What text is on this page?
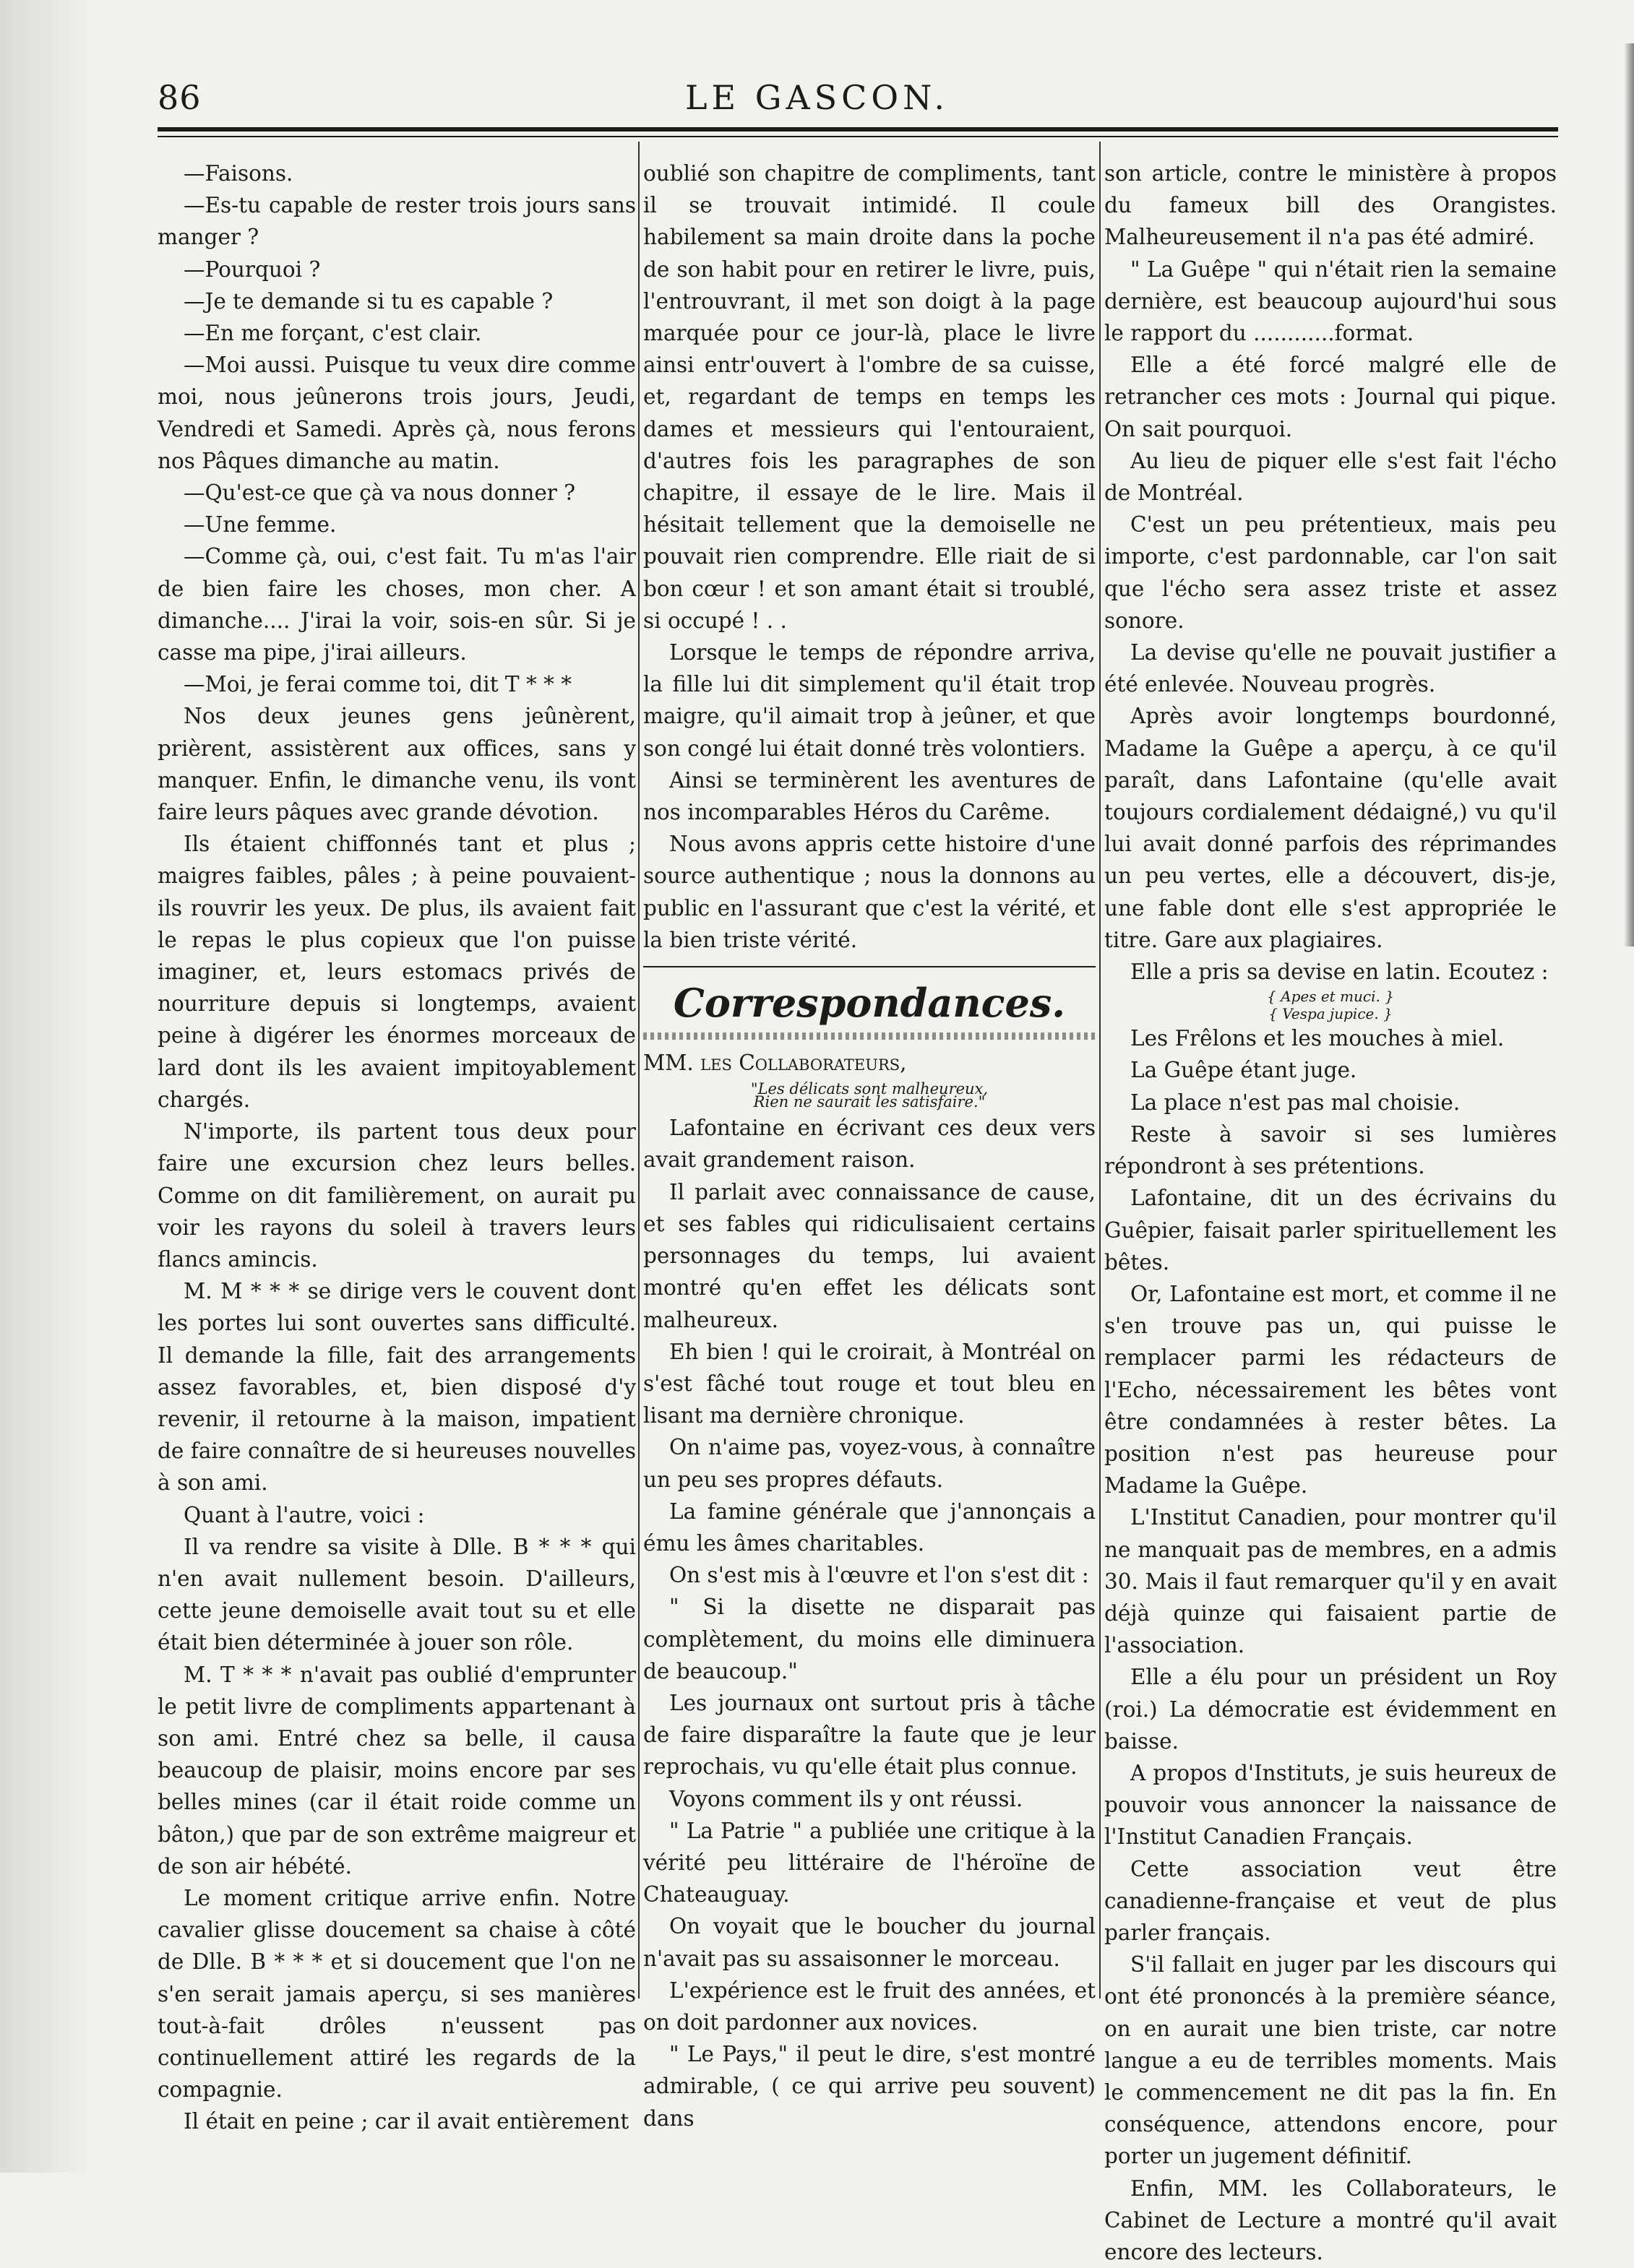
86	LE GASCON.

—Faisons.

—Es-tu capable de rester trois jours sans manger ?

—Pourquoi ?

—Je te demande si tu es capable ?

—En me forçant, c'est clair.

—Moi aussi. Puisque tu veux dire comme moi, nous jeûnerons trois jours, Jeudi, Vendredi et Samedi. Après çà, nous ferons nos Pâques dimanche au matin.

—Qu'est-ce que çà va nous donner ?

—Une femme.

—Comme çà, oui, c'est fait. Tu m'as l'air de bien faire les choses, mon cher. A dimanche.... J'irai la voir, sois-en sûr. Si je casse ma pipe, j'irai ailleurs.

—Moi, je ferai comme toi, dit T * * *

Nos deux jeunes gens jeûnèrent, prièrent, assistèrent aux offices, sans y manquer. Enfin, le dimanche venu, ils vont faire leurs pâques avec grande dévotion.

Ils étaient chiffonnés tant et plus ; maigres faibles, pâles ; à peine pouvaient-ils rouvrir les yeux. De plus, ils avaient fait le repas le plus copieux que l'on puisse imaginer, et, leurs estomacs privés de nourriture depuis si longtemps, avaient peine à digérer les énormes morceaux de lard dont ils les avaient impitoyablement chargés.

N'importe, ils partent tous deux pour faire une excursion chez leurs belles. Comme on dit familièrement, on aurait pu voir les rayons du soleil à travers leurs flancs amincis.

M. M * * * se dirige vers le couvent dont les portes lui sont ouvertes sans difficulté. Il demande la fille, fait des arrangements assez favorables, et, bien disposé d'y revenir, il retourne à la maison, impatient de faire connaître de si heureuses nouvelles à son ami.

Quant à l'autre, voici :

Il va rendre sa visite à Dlle. B * * * qui n'en avait nullement besoin. D'ailleurs, cette jeune demoiselle avait tout su et elle était bien déterminée à jouer son rôle.

M. T * * * n'avait pas oublié d'emprunter le petit livre de compliments appartenant à son ami. Entré chez sa belle, il causa beaucoup de plaisir, moins encore par ses belles mines (car il était roide comme un bâton,) que par de son extrême maigreur et de son air hébété.

Le moment critique arrive enfin. Notre cavalier glisse doucement sa chaise à côté de Dlle. B * * * et si doucement que l'on ne s'en serait jamais aperçu, si ses manières tout-à-fait drôles n'eussent pas continuellement attiré les regards de la compagnie.

Il était en peine ; car il avait entièrement

oublié son chapitre de compliments, tant il se trouvait intimidé. Il coule habilement sa main droite dans la poche de son habit pour en retirer le livre, puis, l'entrouvrant, il met son doigt à la page marquée pour ce jour-là, place le livre ainsi entr'ouvert à l'ombre de sa cuisse, et, regardant de temps en temps les dames et messieurs qui l'entouraient, d'autres fois les paragraphes de son chapitre, il essaye de le lire. Mais il hésitait tellement que la demoiselle ne pouvait rien comprendre. Elle riait de si bon cœur ! et son amant était si troublé, si occupé ! . .

Lorsque le temps de répondre arriva, la fille lui dit simplement qu'il était trop maigre, qu'il aimait trop à jeûner, et que son congé lui était donné très volontiers.

Ainsi se terminèrent les aventures de nos incomparables Héros du Carême.

Nous avons appris cette histoire d'une source authentique ; nous la donnons au public en l'assurant que c'est la vérité, et la bien triste vérité.

Correspondances.

MM. les Collaborateurs,

"Les délicats sont malheureux,

Rien ne saurait les satisfaire."

Lafontaine en écrivant ces deux vers avait grandement raison.

Il parlait avec connaissance de cause, et ses fables qui ridiculisaient certains personnages du temps, lui avaient montré qu'en effet les délicats sont malheureux.

Eh bien ! qui le croirait, à Montréal on s'est fâché tout rouge et tout bleu en lisant ma dernière chronique.

On n'aime pas, voyez-vous, à connaître un peu ses propres défauts.

La famine générale que j'annonçais a ému les âmes charitables.

On s'est mis à l'œuvre et l'on s'est dit :

" Si la disette ne disparait pas complètement, du moins elle diminuera de beaucoup."

Les journaux ont surtout pris à tâche de faire disparaître la faute que je leur reprochais, vu qu'elle était plus connue.

Voyons comment ils y ont réussi.

" La Patrie " a publiée une critique à la vérité peu littéraire de l'héroïne de Chateauguay.

On voyait que le boucher du journal n'avait pas su assaisonner le morceau.

L'expérience est le fruit des années, et on doit pardonner aux novices.

" Le Pays," il peut le dire, s'est montré admirable, ( ce qui arrive peu souvent) dans

son article, contre le ministère à propos du fameux bill des Orangistes. Malheureusement il n'a pas été admiré.

" La Guêpe " qui n'était rien la semaine dernière, est beaucoup aujourd'hui sous le rapport du ............format.

Elle a été forcé malgré elle de retrancher ces mots : Journal qui pique. On sait pourquoi.

Au lieu de piquer elle s'est fait l'écho de Montréal.

C'est un peu prétentieux, mais peu importe, c'est pardonnable, car l'on sait que l'écho sera assez triste et assez sonore.

La devise qu'elle ne pouvait justifier a été enlevée. Nouveau progrès.

Après avoir longtemps bourdonné, Madame la Guêpe a aperçu, à ce qu'il paraît, dans Lafontaine (qu'elle avait toujours cordialement dédaigné,) vu qu'il lui avait donné parfois des réprimandes un peu vertes, elle a découvert, dis-je, une fable dont elle s'est appropriée le titre. Gare aux plagiaires.

Elle a pris sa devise en latin. Ecoutez :

{ Apes et muci. }

{ Vespa jupice. }

Les Frêlons et les mouches à miel.

La Guêpe étant juge.

La place n'est pas mal choisie.

Reste à savoir si ses lumières répondront à ses prétentions.

Lafontaine, dit un des écrivains du Guêpier, faisait parler spirituellement les bêtes.

Or, Lafontaine est mort, et comme il ne s'en trouve pas un, qui puisse le remplacer parmi les rédacteurs de l'Echo, nécessairement les bêtes vont être condamnées à rester bêtes. La position n'est pas heureuse pour Madame la Guêpe.

L'Institut Canadien, pour montrer qu'il ne manquait pas de membres, en a admis 30. Mais il faut remarquer qu'il y en avait déjà quinze qui faisaient partie de l'association.

Elle a élu pour un président un Roy (roi.) La démocratie est évidemment en baisse.

A propos d'Instituts, je suis heureux de pouvoir vous annoncer la naissance de l'Institut Canadien Français.

Cette association veut être canadienne-française et veut de plus parler français.

S'il fallait en juger par les discours qui ont été prononcés à la première séance, on en aurait une bien triste, car notre langue a eu de terribles moments. Mais le commencement ne dit pas la fin. En conséquence, attendons encore, pour porter un jugement définitif.

Enfin, MM. les Collaborateurs, le Cabinet de Lecture a montré qu'il avait encore des lecteurs.
